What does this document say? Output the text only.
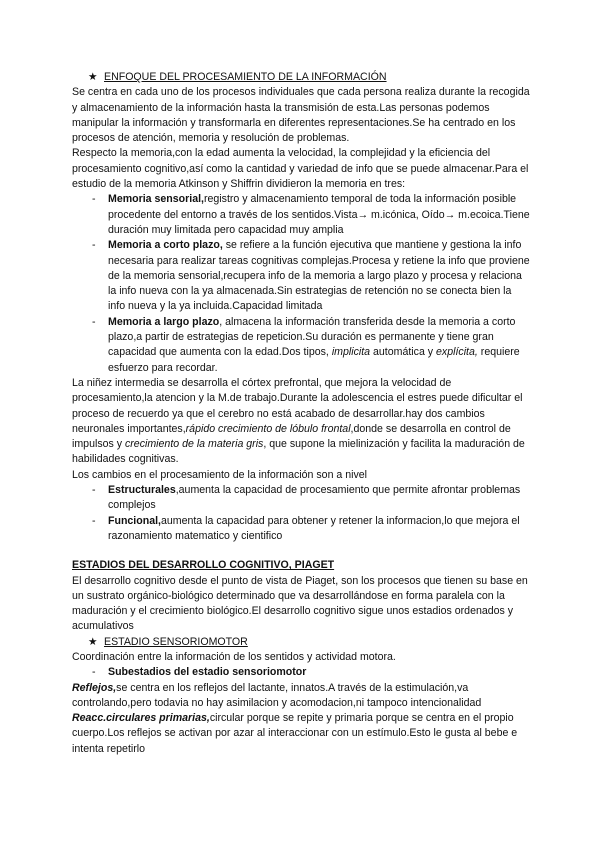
★ ENFOQUE DEL PROCESAMIENTO DE LA INFORMACIÓN

Se centra en cada uno de los procesos individuales que cada persona realiza durante la recogida y almacenamiento de la información hasta la transmisión de esta.Las personas podemos manipular la información y transformarla en diferentes representaciones.Se ha centrado en los procesos de atención, memoria y resolución de problemas.

Respecto la memoria,con la edad aumenta la velocidad, la complejidad y la eficiencia del procesamiento cognitivo,así como la cantidad y variedad de info que se puede almacenar.Para el estudio de la memoria Atkinson y Shiffrin dividieron la memoria en tres:

- Memoria sensorial,registro y almacenamiento temporal de toda la información posible procedente del entorno a través de los sentidos.Vista→ m.icónica, Oído→ m.ecoica.Tiene duración muy limitada pero capacidad muy amplia
- Memoria a corto plazo, se refiere a la función ejecutiva que mantiene y gestiona la info necesaria para realizar tareas cognitivas complejas.Procesa y retiene la info que proviene de la memoria sensorial,recupera info de la memoria a largo plazo y procesa y relaciona la info nueva con la ya almacenada.Sin estrategias de retención no se conecta bien la info nueva y la ya incluida.Capacidad limitada
- Memoria a largo plazo, almacena la información transferida desde la memoria a corto plazo,a partir de estrategias de repeticion.Su duración es permanente y tiene gran capacidad que aumenta con la edad.Dos tipos, implicita automática y explícita, requiere esfuerzo para recordar.

La niñez intermedia se desarrolla el córtex prefrontal, que mejora la velocidad de procesamiento,la atencion y la M.de trabajo.Durante la adolescencia el estres puede dificultar el proceso de recuerdo ya que el cerebro no está acabado de desarrollar.hay dos cambios neuronales importantes,rápido crecimiento de lóbulo frontal,donde se desarrolla en control de impulsos y crecimiento de la materia gris, que supone la mielinización y facilita la maduración de habilidades cognitivas.

Los cambios en el procesamiento de la información son a nivel

- Estructurales,aumenta la capacidad de procesamiento que permite afrontar problemas complejos
- Funcional,aumenta la capacidad para obtener y retener la informacion,lo que mejora el razonamiento matematico y cientifico

ESTADIOS DEL DESARROLLO COGNITIVO, PIAGET

El desarrollo cognitivo desde el punto de vista de Piaget, son los procesos que tienen su base en un sustrato orgánico-biológico determinado que va desarrollándose en forma paralela con la maduración y el crecimiento biológico.El desarrollo cognitivo sigue unos estadios ordenados y acumulativos

★ ESTADIO SENSORIOMOTOR

Coordinación entre la información de los sentidos y actividad motora.

- Subestadios del estadio sensoriomotor

Reflejos,se centra en los reflejos del lactante, innatos.A través de la estimulación,va controlando,pero todavia no hay asimilacion y acomodacion,ni tampoco intencionalidad

Reacc.circulares primarias,circular porque se repite y primaria porque se centra en el propio cuerpo.Los reflejos se activan por azar al interaccionar con un estímulo.Esto le gusta al bebe e intenta repetirlo
